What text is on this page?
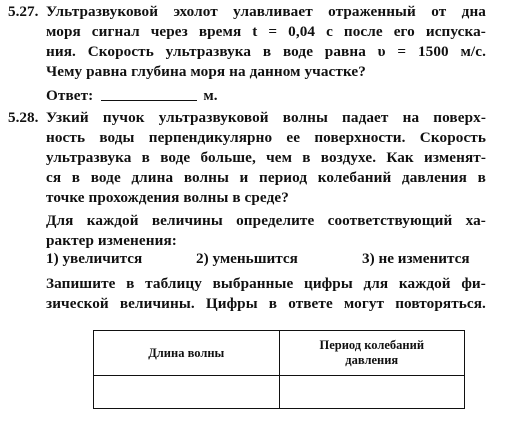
5.27. Ультразвуковой эхолот улавливает отраженный от дна
моря сигнал через время t = 0,04 с после его испуска-
ния. Скорость ультразвука в воде равна υ = 1500 м/с.
Чему равна глубина моря на данном участке?
Ответ:	м.
5.28. Узкий пучок ультразвуковой волны падает на поверх-
ность воды перпендикулярно ее поверхности. Скорость
ультразвука в воде больше, чем в воздухе. Как изменят-
ся в воде длина волны и период колебаний давления в
точке прохождения волны в среде?
Для каждой величины определите соответствующий ха-
рактер изменения:
1) увеличится	2) уменьшится	3) не изменится
Запишите в таблицу выбранные цифры для каждой фи-
зической величины. Цифры в ответе могут повторяться.
Длина волны	Период колебаний давления
